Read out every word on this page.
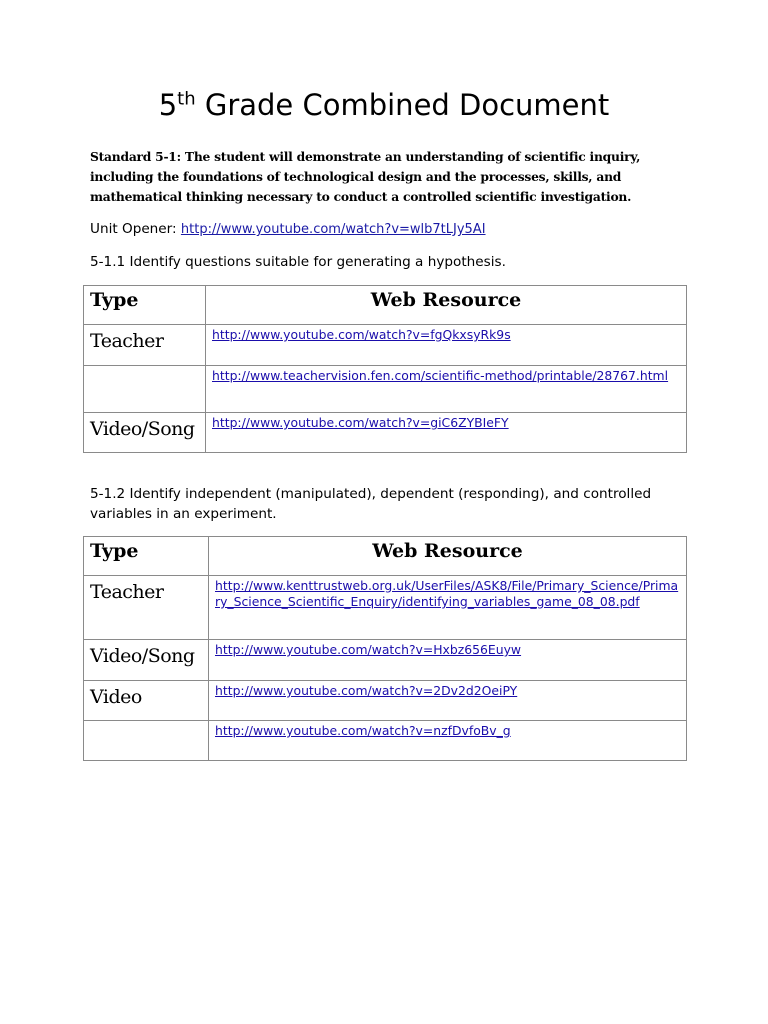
5th Grade Combined Document

Standard 5-1: The student will demonstrate an understanding of scientific inquiry, including the foundations of technological design and the processes, skills, and mathematical thinking necessary to conduct a controlled scientific investigation.

Unit Opener: http://www.youtube.com/watch?v=wlb7tLJy5AI

5-1.1 Identify questions suitable for generating a hypothesis.

Type	Web Resource
Teacher	http://www.youtube.com/watch?v=fgQkxsyRk9s
	http://www.teachervision.fen.com/scientific-method/printable/28767.html
Video/Song	http://www.youtube.com/watch?v=giC6ZYBIeFY

5-1.2 Identify independent (manipulated), dependent (responding), and controlled variables in an experiment.

Type	Web Resource
Teacher	http://www.kenttrustweb.org.uk/UserFiles/ASK8/File/Primary_Science/Primary_Science_Scientific_Enquiry/identifying_variables_game_08_08.pdf
Video/Song	http://www.youtube.com/watch?v=Hxbz656Euyw
Video	http://www.youtube.com/watch?v=2Dv2d2OeiPY
	http://www.youtube.com/watch?v=nzfDvfoBv_g
